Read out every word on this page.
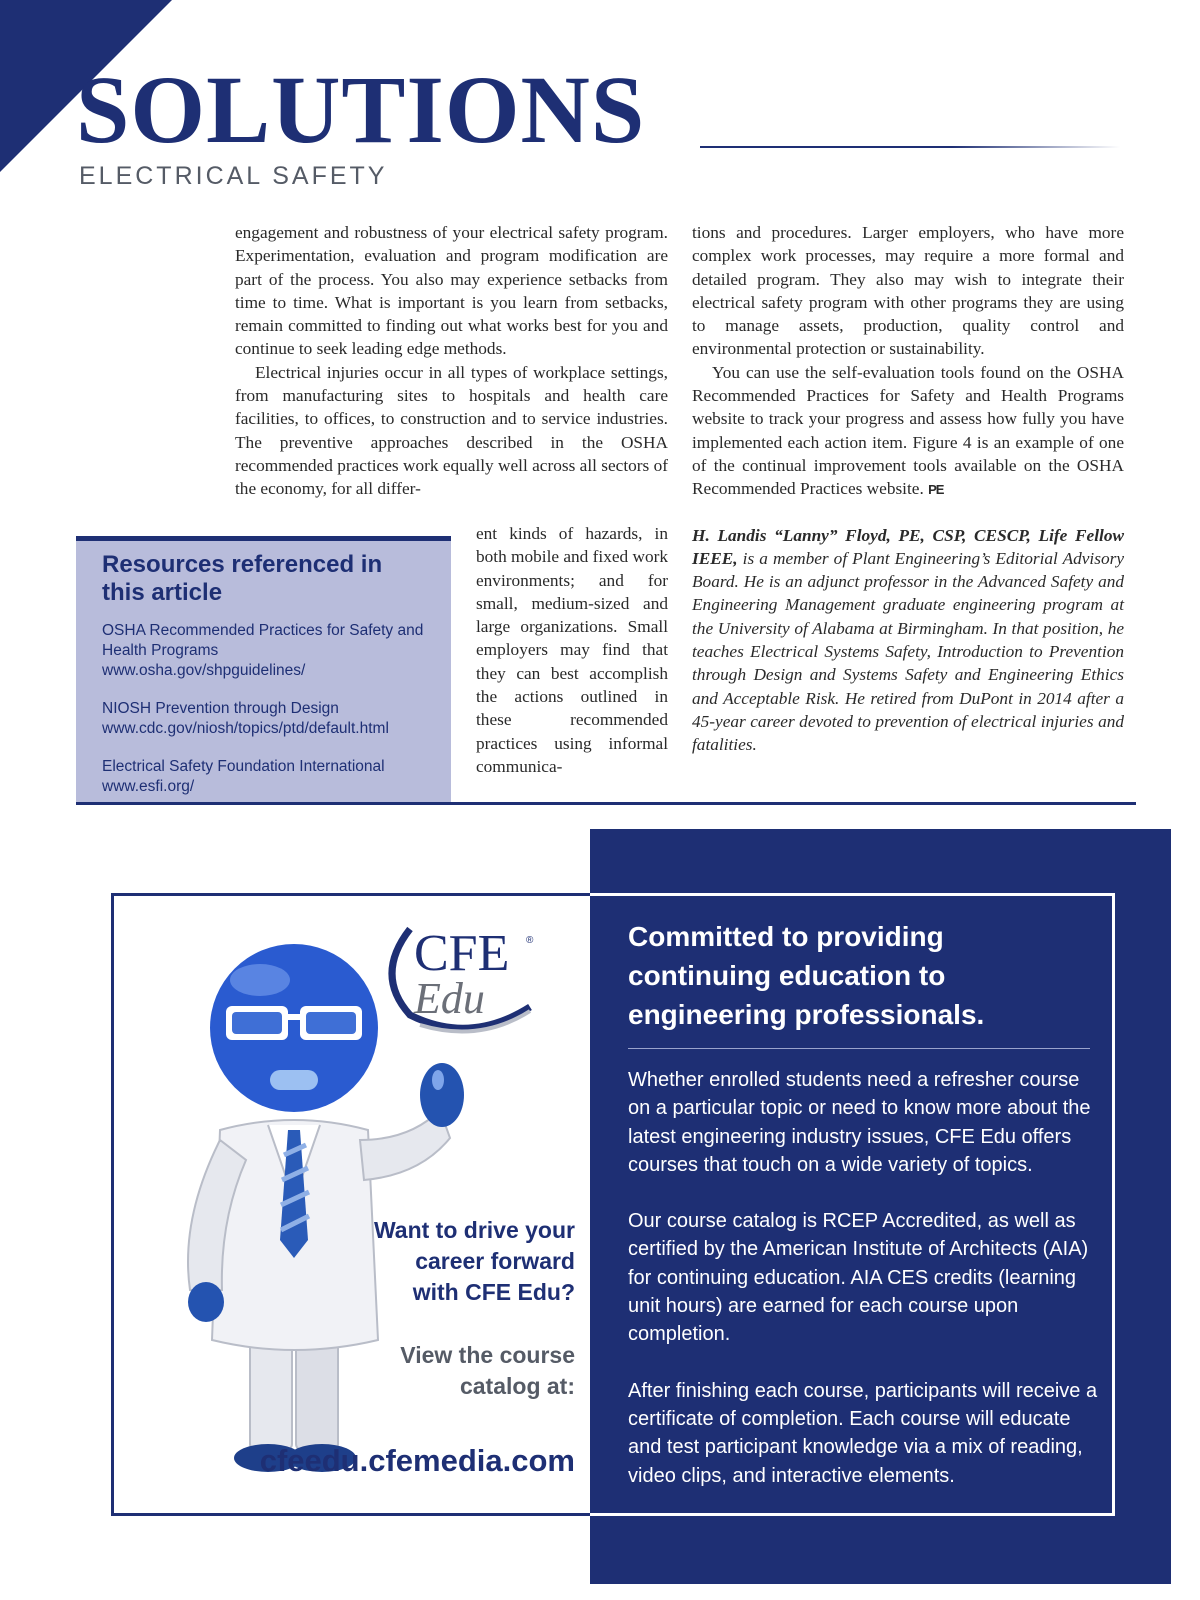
SOLUTIONS
ELECTRICAL SAFETY

engagement and robustness of your electrical safety program. Experimentation, evaluation and program modification are part of the process. You also may experience setbacks from time to time. What is important is you learn from setbacks, remain committed to finding out what works best for you and continue to seek leading edge methods.

Electrical injuries occur in all types of workplace settings, from manufacturing sites to hospitals and health care facilities, to offices, to construction and to service industries. The preventive approaches described in the OSHA recommended practices work equally well across all sectors of the economy, for all differ-

ent kinds of hazards, in both mobile and fixed work environments; and for small, medium-sized and large organizations. Small employers may find that they can best accomplish the actions outlined in these recommended practices using informal communica-

tions and procedures. Larger employers, who have more complex work processes, may require a more formal and detailed program. They also may wish to integrate their electrical safety program with other programs they are using to manage assets, production, quality control and environmental protection or sustainability.

You can use the self-evaluation tools found on the OSHA Recommended Practices for Safety and Health Programs website to track your progress and assess how fully you have implemented each action item. Figure 4 is an example of one of the continual improvement tools available on the OSHA Recommended Practices website. PE

H. Landis “Lanny” Floyd, PE, CSP, CESCP, Life Fellow IEEE, is a member of Plant Engineering’s Editorial Advisory Board. He is an adjunct professor in the Advanced Safety and Engineering Management graduate engineering program at the University of Alabama at Birmingham. In that position, he teaches Electrical Systems Safety, Introduction to Prevention through Design and Systems Safety and Engineering Ethics and Acceptable Risk. He retired from DuPont in 2014 after a 45-year career devoted to prevention of electrical injuries and fatalities.

Resources referenced in this article
OSHA Recommended Practices for Safety and Health Programs
www.osha.gov/shpguidelines/
NIOSH Prevention through Design
www.cdc.gov/niosh/topics/ptd/default.html
Electrical Safety Foundation International
www.esfi.org/
CFE ®
Edu
Want to drive your
career forward
with CFE Edu?
View the course
catalog at:
cfeedu.cfemedia.com
Committed to providing continuing education to engineering professionals.

Whether enrolled students need a refresher course on a particular topic or need to know more about the latest engineering industry issues, CFE Edu offers courses that touch on a wide variety of topics.

Our course catalog is RCEP Accredited, as well as certified by the American Institute of Architects (AIA) for continuing education. AIA CES credits (learning unit hours) are earned for each course upon completion.

After finishing each course, participants will receive a certificate of completion. Each course will educate and test participant knowledge via a mix of reading, video clips, and interactive elements.
